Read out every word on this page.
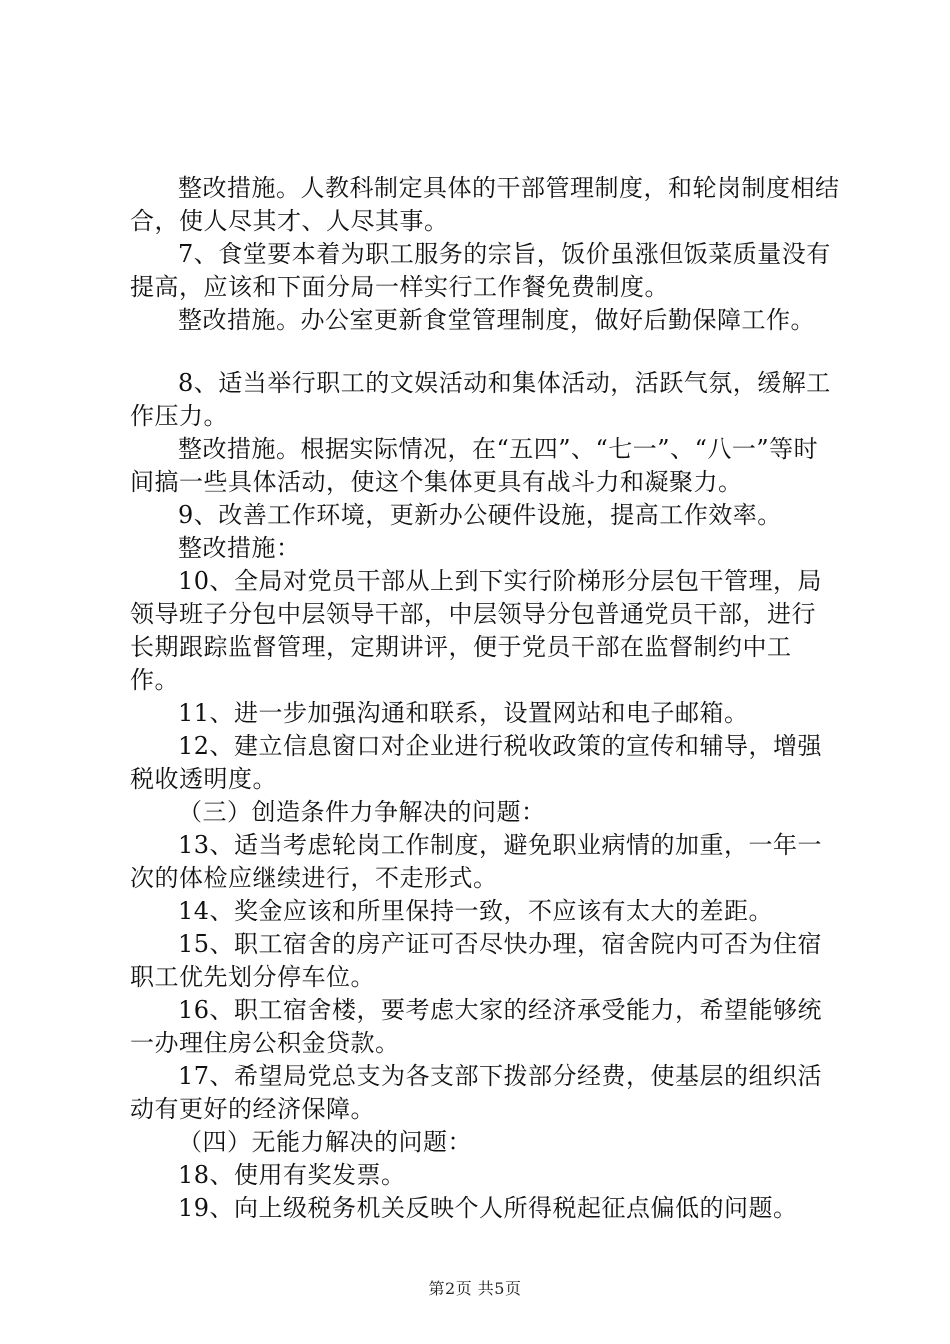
整改措施。人教科制定具体的干部管理制度，和轮岗制度相结合，使人尽其才、人尽其事。

7、食堂要本着为职工服务的宗旨，饭价虽涨但饭菜质量没有提高，应该和下面分局一样实行工作餐免费制度。

整改措施。办公室更新食堂管理制度，做好后勤保障工作。

8、适当举行职工的文娱活动和集体活动，活跃气氛，缓解工作压力。

整改措施。根据实际情况，在“五四”、“七一”、“八一”等时间搞一些具体活动，使这个集体更具有战斗力和凝聚力。

9、改善工作环境，更新办公硬件设施，提高工作效率。

整改措施：

10、全局对党员干部从上到下实行阶梯形分层包干管理，局领导班子分包中层领导干部，中层领导分包普通党员干部，进行长期跟踪监督管理，定期讲评，便于党员干部在监督制约中工作。

11、进一步加强沟通和联系，设置网站和电子邮箱。

12、建立信息窗口对企业进行税收政策的宣传和辅导，增强税收透明度。

（三）创造条件力争解决的问题：

13、适当考虑轮岗工作制度，避免职业病情的加重，一年一次的体检应继续进行，不走形式。

14、奖金应该和所里保持一致，不应该有太大的差距。

15、职工宿舍的房产证可否尽快办理，宿舍院内可否为住宿职工优先划分停车位。

16、职工宿舍楼，要考虑大家的经济承受能力，希望能够统一办理住房公积金贷款。

17、希望局党总支为各支部下拨部分经费，使基层的组织活动有更好的经济保障。

（四）无能力解决的问题：

18、使用有奖发票。

19、向上级税务机关反映个人所得税起征点偏低的问题。

第2页 共5页
